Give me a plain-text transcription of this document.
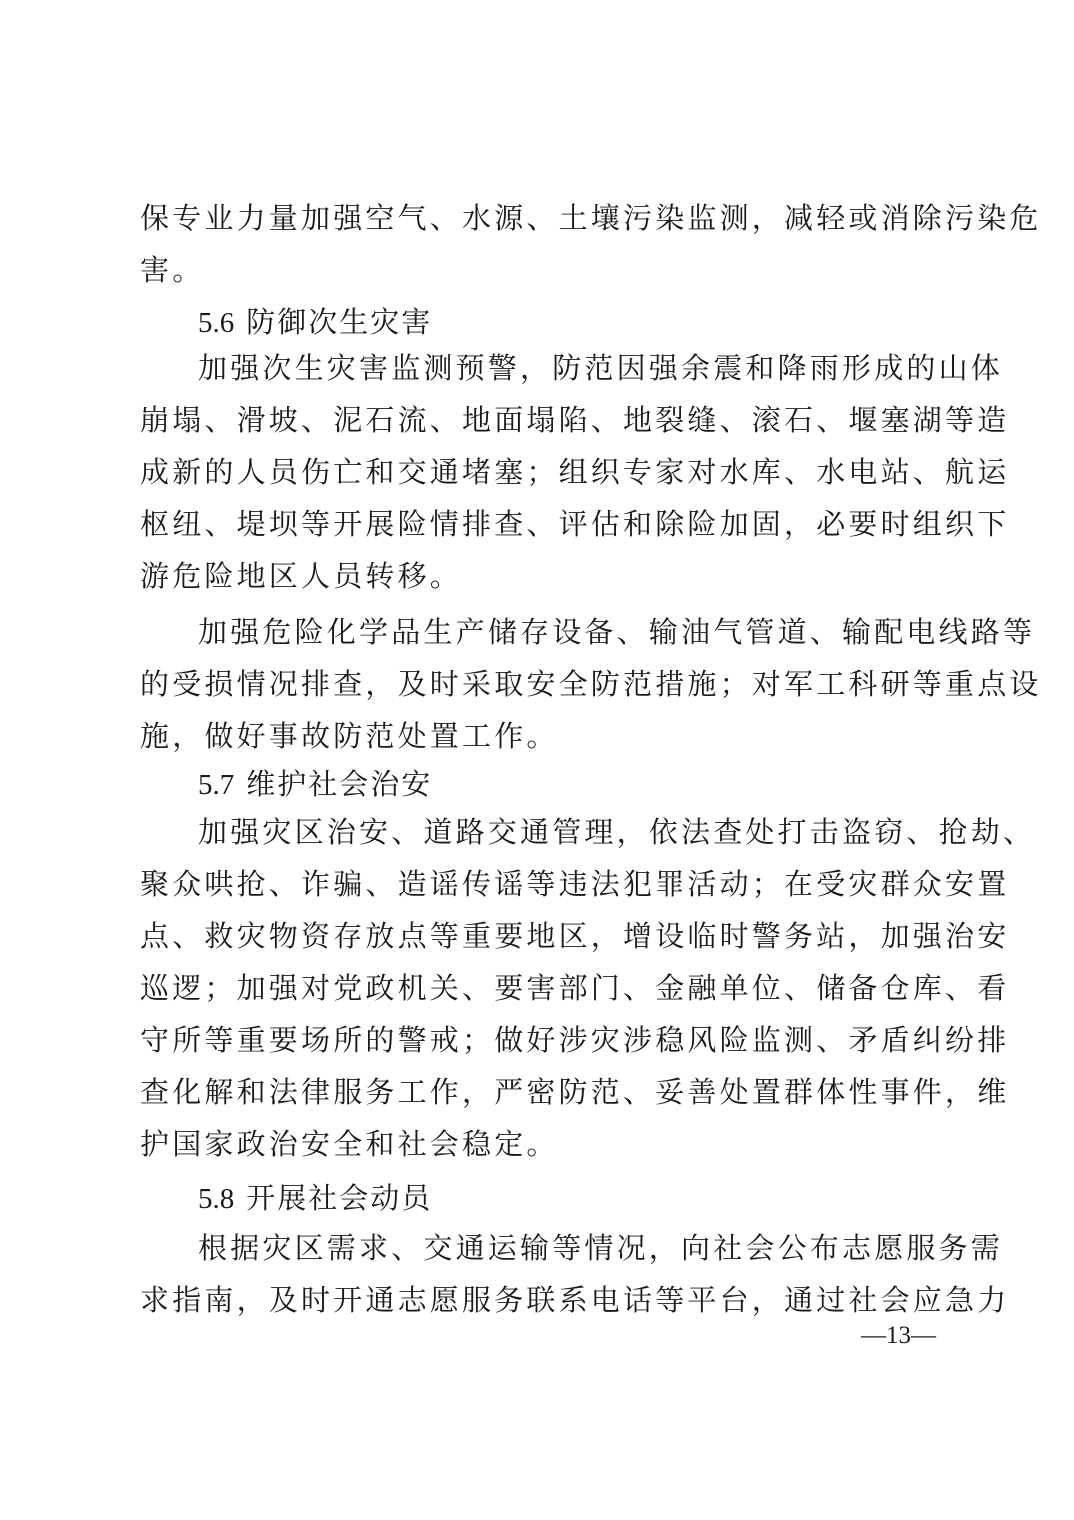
保专业力量加强空气、水源、土壤污染监测，减轻或消除污染危
害。
5.6 防御次生灾害
加强次生灾害监测预警，防范因强余震和降雨形成的山体
崩塌、滑坡、泥石流、地面塌陷、地裂缝、滚石、堰塞湖等造
成新的人员伤亡和交通堵塞；组织专家对水库、水电站、航运
枢纽、堤坝等开展险情排查、评估和除险加固，必要时组织下
游危险地区人员转移。
加强危险化学品生产储存设备、输油气管道、输配电线路等
的受损情况排查，及时采取安全防范措施；对军工科研等重点设
施，做好事故防范处置工作。
5.7 维护社会治安
加强灾区治安、道路交通管理，依法查处打击盗窃、抢劫、
聚众哄抢、诈骗、造谣传谣等违法犯罪活动；在受灾群众安置
点、救灾物资存放点等重要地区，增设临时警务站，加强治安
巡逻；加强对党政机关、要害部门、金融单位、储备仓库、看
守所等重要场所的警戒；做好涉灾涉稳风险监测、矛盾纠纷排
查化解和法律服务工作，严密防范、妥善处置群体性事件，维
护国家政治安全和社会稳定。
5.8 开展社会动员
根据灾区需求、交通运输等情况，向社会公布志愿服务需
求指南，及时开通志愿服务联系电话等平台，通过社会应急力
—13—
